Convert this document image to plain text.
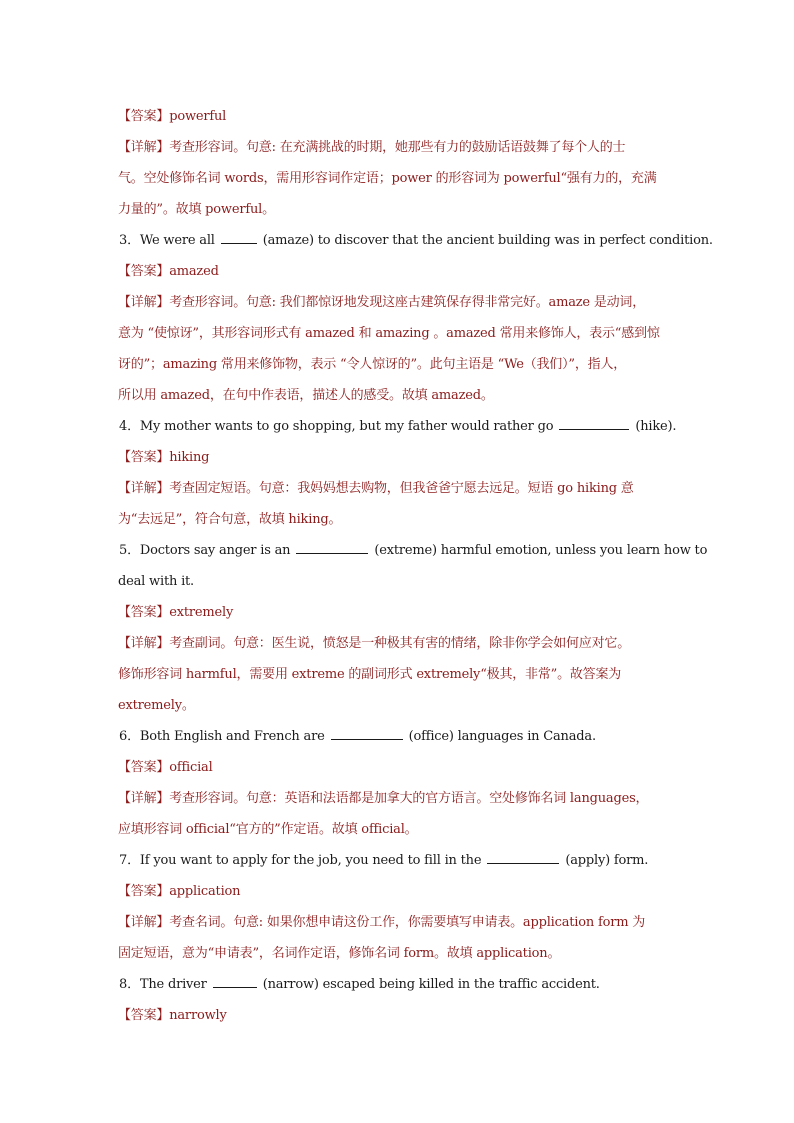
【答案】powerful
【详解】考查形容词。句意: 在充满挑战的时期，她那些有力的鼓励话语鼓舞了每个人的士
气。空处修饰名词 words，需用形容词作定语；power 的形容词为 powerful“强有力的，充满
力量的”。故填 powerful。
3．We were all	(amaze) to discover that the ancient building was in perfect condition.
【答案】amazed
【详解】考查形容词。句意: 我们都惊讶地发现这座古建筑保存得非常完好。amaze 是动词，
意为 “使惊讶”，其形容词形式有 amazed 和 amazing 。amazed 常用来修饰人，表示“感到惊
讶的”；amazing 常用来修饰物，表示 “令人惊讶的”。此句主语是 “We（我们）”，指人，
所以用 amazed，在句中作表语，描述人的感受。故填 amazed。
4．My mother wants to go shopping, but my father would rather go	(hike).
【答案】hiking
【详解】考查固定短语。句意：我妈妈想去购物，但我爸爸宁愿去远足。短语 go hiking 意
为“去远足”，符合句意，故填 hiking。
5．Doctors say anger is an	(extreme) harmful emotion, unless you learn how to
deal with it.
【答案】extremely
【详解】考查副词。句意：医生说，愤怒是一种极其有害的情绪，除非你学会如何应对它。
修饰形容词 harmful，需要用 extreme 的副词形式 extremely“极其，非常”。故答案为
extremely。
6．Both English and French are	(office) languages in Canada.
【答案】official
【详解】考查形容词。句意：英语和法语都是加拿大的官方语言。空处修饰名词 languages，
应填形容词 official“官方的”作定语。故填 official。
7．If you want to apply for the job, you need to fill in the	(apply) form.
【答案】application
【详解】考查名词。句意: 如果你想申请这份工作，你需要填写申请表。application form 为
固定短语，意为“申请表”，名词作定语，修饰名词 form。故填 application。
8．The driver	(narrow) escaped being killed in the traffic accident.
【答案】narrowly
